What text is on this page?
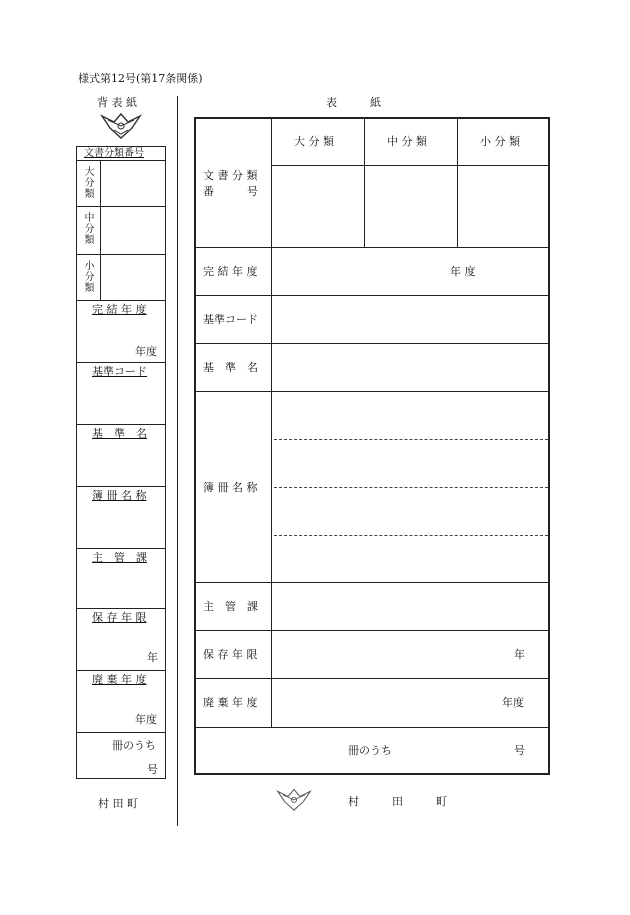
様式第12号(第17条関係)
背 表 紙
文書分類番号
大分類
中分類
小分類
完 結 年 度
年度
基準コード
基　準　名
簿 冊 名 称
主　管　課
保 存 年 限
年
廃 棄 年 度
年度
冊のうち
号
村 田 町
表　　　紙
大 分 類	中 分 類	小 分 類
文 書 分 類
番　　　号
完 結 年 度	年 度
基準コード
基　準　名
簿 冊 名 称
主　管　課
保 存 年 限	年
廃 棄 年 度	年度
冊のうち	号
村　　　田　　　町
